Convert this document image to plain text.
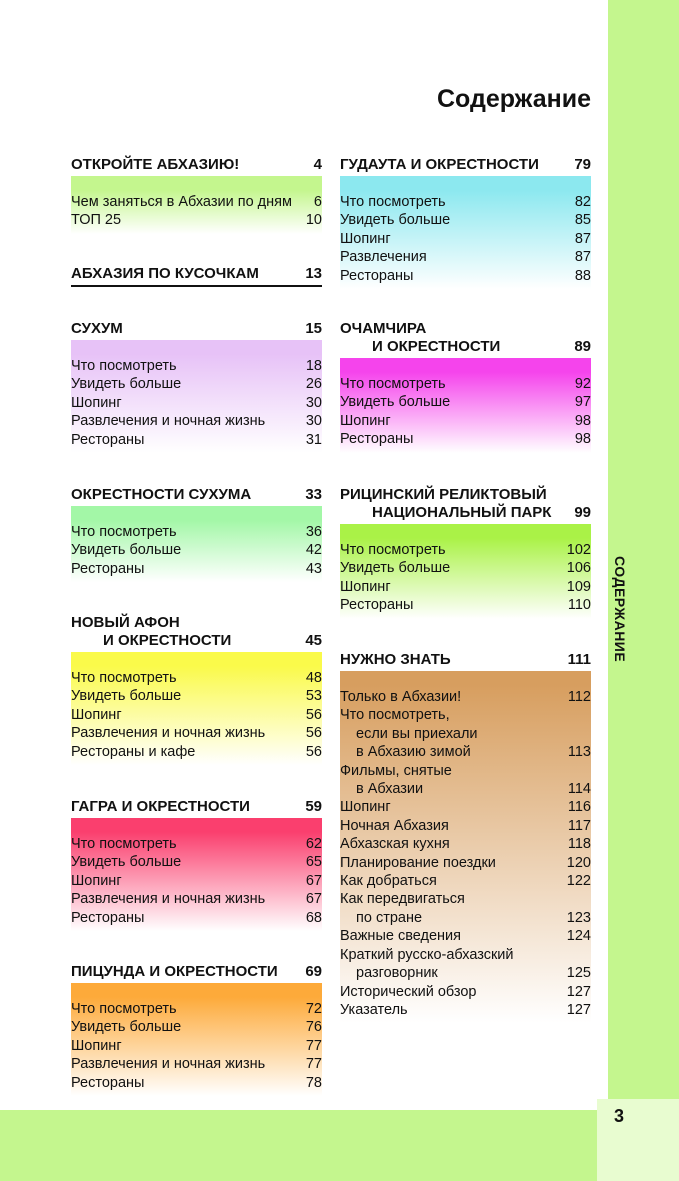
3
СОДЕРЖАНИЕ
Содержание
ОТКРОЙТЕ АБХАЗИЮ!	4
Чем заняться в Абхазии по дням 6
ТОП 25	10
АБХАЗИЯ ПО КУСОЧКАМ	13
СУХУМ	15
Что посмотреть	18
Увидеть больше	26
Шопинг	30
Развлечения и ночная жизнь	30
Рестораны	31
ОКРЕСТНОСТИ СУХУМА	33
Что посмотреть	36
Увидеть больше	42
Рестораны	43
НОВЫЙ АФОН
И ОКРЕСТНОСТИ	45
Что посмотреть	48
Увидеть больше	53
Шопинг	56
Развлечения и ночная жизнь	56
Рестораны и кафе	56
ГАГРА И ОКРЕСТНОСТИ	59
Что посмотреть	62
Увидеть больше	65
Шопинг	67
Развлечения и ночная жизнь	67
Рестораны	68
ПИЦУНДА И ОКРЕСТНОСТИ 69
Что посмотреть	72
Увидеть больше	76
Шопинг	77
Развлечения и ночная жизнь	77
Рестораны	78
ГУДАУТА И ОКРЕСТНОСТИ 79
Что посмотреть	82
Увидеть больше	85
Шопинг	87
Развлечения	87
Рестораны	88
ОЧАМЧИРА
И ОКРЕСТНОСТИ	89
Что посмотреть	92
Увидеть больше	97
Шопинг	98
Рестораны	98
РИЦИНСКИЙ РЕЛИКТОВЫЙ
НАЦИОНАЛЬНЫЙ ПАРК 99
Что посмотреть	102
Увидеть больше	106
Шопинг	109
Рестораны	110
НУЖНО ЗНАТЬ	111
Только в Абхазии!	112
Что посмотреть,
если вы приехали
в Абхазию зимой	113
Фильмы, снятые
в Абхазии	114
Шопинг	116
Ночная Абхазия	117
Абхазская кухня	118
Планирование поездки	120
Как добраться	122
Как передвигаться
по стране	123
Важные сведения	124
Краткий русско-абхазский
разговорник	125
Исторический обзор	127
Указатель	127
